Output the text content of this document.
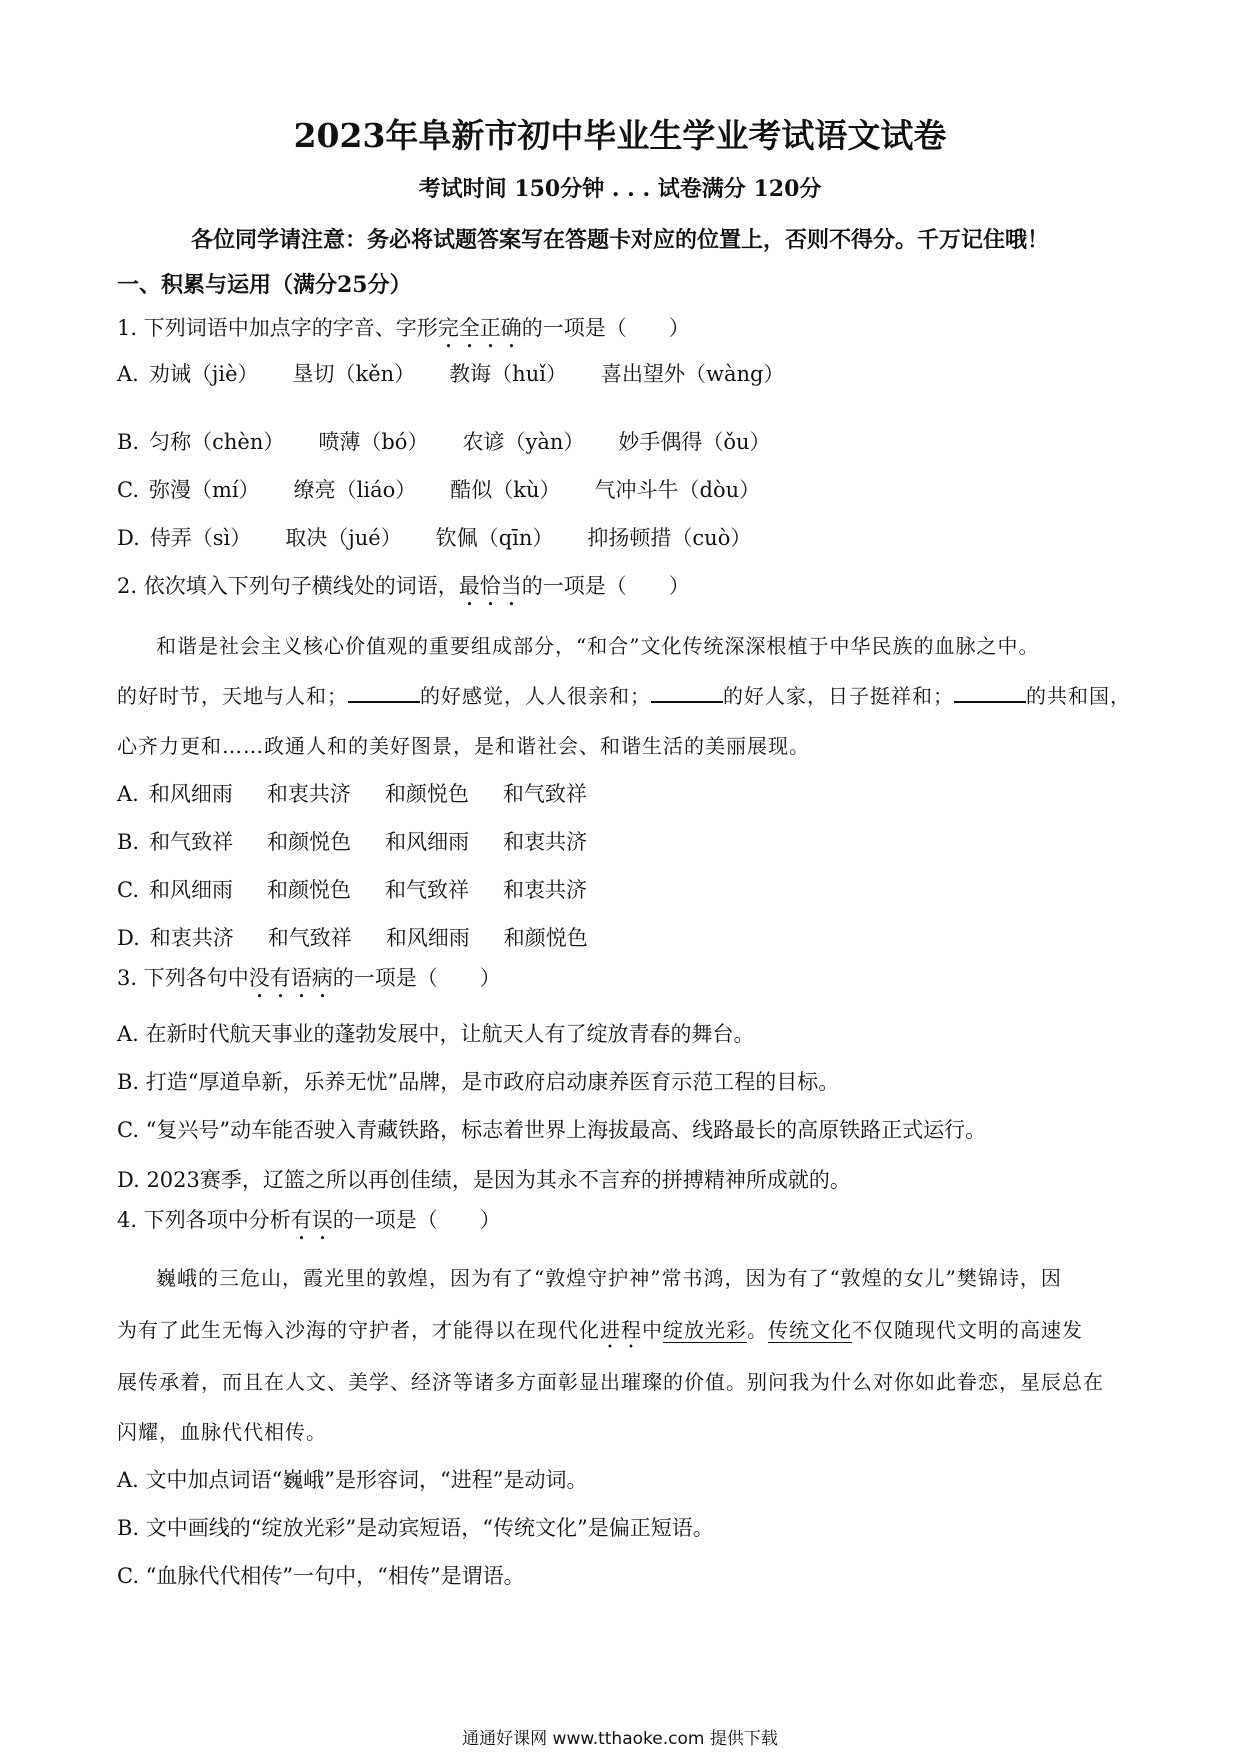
2023年阜新市初中毕业生学业考试语文试卷
考试时间 150分钟 . . . 试卷满分 120分
各位同学请注意：务必将试题答案写在答题卡对应的位置上，否则不得分。千万记住哦！
一、积累与运用（满分25分）
1. 下列词语中加点字的字音、字形完全正确的一项是（　　）
A. 劝诫（jiè） 垦切（kěn） 教诲（huǐ） 喜出望外（wàng）
B. 匀称（chèn） 喷薄（bó） 农谚（yàn） 妙手偶得（ǒu）
C. 弥漫（mí） 缭亮（liáo） 酷似（kù） 气冲斗牛（dòu）
D. 侍弄（sì） 取决（jué） 钦佩（qīn） 抑扬顿措（cuò）
2. 依次填入下列句子横线处的词语，最恰当的一项是（　　）
和谐是社会主义核心价值观的重要组成部分，“和合”文化传统深深根植于中华民族的血脉之中。
的好时节，天地与人和；	的好感觉，人人很亲和；	的好人家，日子挺祥和；	的共和国，
心齐力更和……政通人和的美好图景，是和谐社会、和谐生活的美丽展现。
A. 和风细雨 和衷共济 和颜悦色 和气致祥
B. 和气致祥 和颜悦色 和风细雨 和衷共济
C. 和风细雨 和颜悦色 和气致祥 和衷共济
D. 和衷共济 和气致祥 和风细雨 和颜悦色
3. 下列各句中没有语病的一项是（　　）
A. 在新时代航天事业的蓬勃发展中，让航天人有了绽放青春的舞台。
B. 打造“厚道阜新，乐养无忧”品牌，是市政府启动康养医育示范工程的目标。
C. “复兴号”动车能否驶入青藏铁路，标志着世界上海拔最高、线路最长的高原铁路正式运行。
D. 2023赛季，辽篮之所以再创佳绩，是因为其永不言弃的拼搏精神所成就的。
4. 下列各项中分析有误的一项是（　　）
巍峨的三危山，霞光里的敦煌，因为有了“敦煌守护神”常书鸿，因为有了“敦煌的女儿”樊锦诗，因
为有了此生无悔入沙海的守护者，才能得以在现代化进程中绽放光彩。传统文化不仅随现代文明的高速发
展传承着，而且在人文、美学、经济等诸多方面彰显出璀璨的价值。别问我为什么对你如此眷恋，星辰总在
闪耀，血脉代代相传。
A. 文中加点词语“巍峨”是形容词，“进程”是动词。
B. 文中画线的“绽放光彩”是动宾短语，“传统文化”是偏正短语。
C. “血脉代代相传”一句中，“相传”是谓语。
通通好课网 www.tthaoke.com 提供下载
